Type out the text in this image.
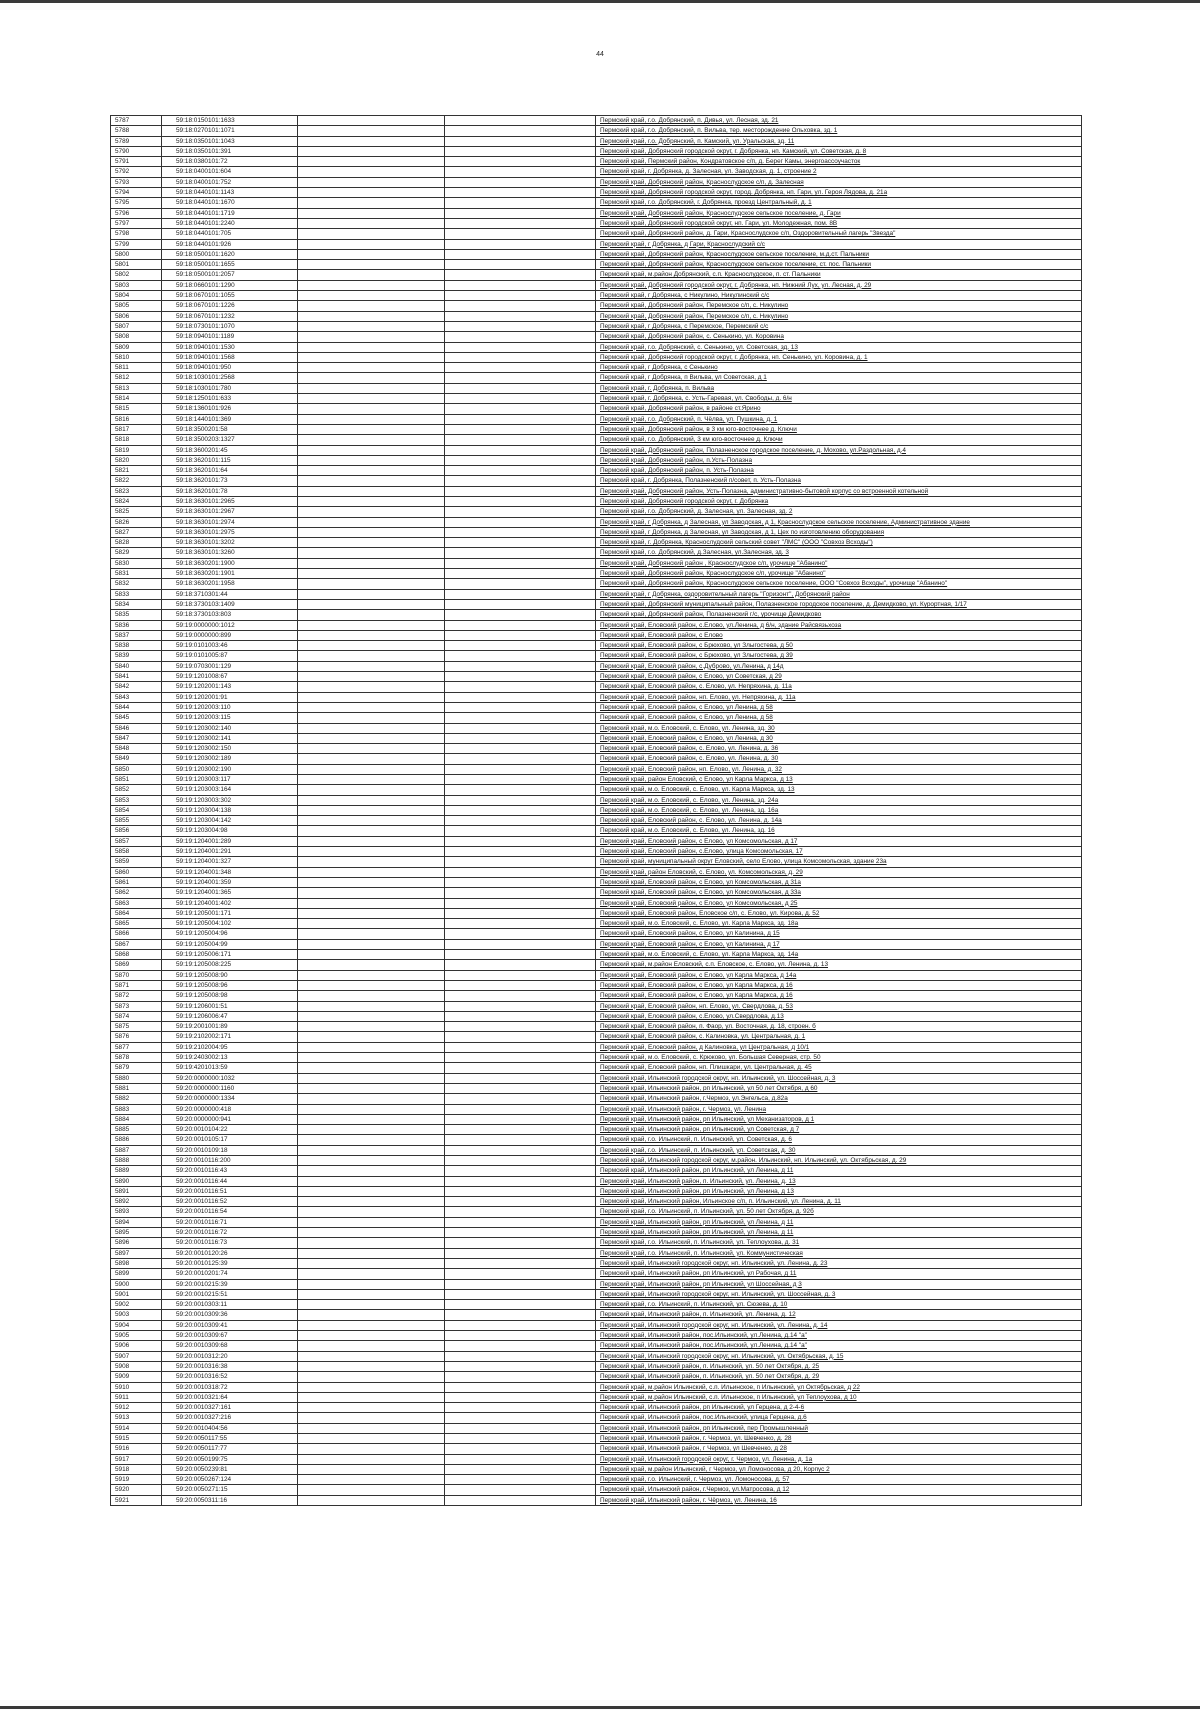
44
5787	59:18:0150101:1633			Пермский край, г.о. Добрянский, п. Дивья, ул. Лесная, зд. 21
5788	59:18:0270101:1071			Пермский край, г.о. Добрянский, п. Вильва, тер. месторождение Ольховка, зд. 1
5789	59:18:0350101:1043			Пермский край, г.о. Добрянский, п. Камский, ул. Уральская, зд. 11
5790	59:18:0350101:391			Пермский край, Добрянский городской округ, г. Добрянка, нп. Камский, ул. Советская, д. 8
5791	59:18:0380101:72			Пермский край, Пермский район, Кондратовское с/п, д. Берег Камы, энергоассоучасток
5792	59:18:0400101:604			Пермский край, г. Добрянка, д. Залесная, ул. Заводская, д. 1, строение 2
5793	59:18:0400101:752			Пермский край, Добрянский район, Краснослудское с/п, д. Залесная
5794	59:18:0440101:1143			Пермский край, Добрянский городской округ, город. Добрянка, нп. Гари, ул. Героя Лядова, д. 21а
5795	59:18:0440101:1670			Пермский край, г.о. Добрянский, г. Добрянка, проезд Центральный, д. 1
5796	59:18:0440101:1719			Пермский край, Добрянский район, Краснослудское сельское поселение, д. Гари
5797	59:18:0440101:2240			Пермский край, Добрянский городской округ, нп. Гари, ул. Молодежная, пом. 8В
5798	59:18:0440101:705			Пермский край, Добрянский район, д. Гари, Краснослудское с/п, Оздоровительный лагерь "Звезда"
5799	59:18:0440101:926			Пермский край, г Добрянка, д Гари, Краснослудский с/с
5800	59:18:0500101:1620			Пермский край, Добрянский район, Краснослудское сельское поселение, м.д.ст. Пальники
5801	59:18:0500101:1655			Пермский край, Добрянский район, Краснослудское сельское поселение, ст. пос. Пальники
5802	59:18:0500101:2057			Пермский край, м.район Добрянский, с.п. Краснослудское, п. ст. Пальники
5803	59:18:0660101:1290			Пермский край, Добрянский городской округ, г. Добрянка, нп. Нижний Лух, ул. Лесная, д. 29
5804	59:18:0670101:1055			Пермский край, г Добрянка, с Никулино, Никулинский с/с
5805	59:18:0670101:1226			Пермский край, Добрянский район, Перемское с/п, с. Никулино
5806	59:18:0670101:1232			Пермский край, Добрянский район, Перемское с/п, с. Никулино
5807	59:18:0730101:1070			Пермский край, г Добрянка, с Перемское, Перемский с/с
5808	59:18:0940101:1189			Пермский край, Добрянский район, с. Сенькино, ул. Коровина
5809	59:18:0940101:1530			Пермский край, г.о. Добрянский, с. Сенькино, ул. Советская, зд. 13
5810	59:18:0940101:1568			Пермский край, Добрянский городской округ, г. Добрянка, нп. Сенькино, ул. Коровина, д. 1
5811	59:18:0940101:950			Пермский край, г Добрянка, с Сенькино
5812	59:18:1030101:2568			Пермский край, г Добрянка, п Вильва, ул Советская, д 1
5813	59:18:1030101:780			Пермский край, г. Добрянка, п. Вильва
5814	59:18:1250101:633			Пермский край, г. Добрянка, с. Усть-Гаревая, ул. Свободы, д. 6/н
5815	59:18:1360101:926			Пермский край, Добрянский район, в районе ст.Ярино
5816	59:18:1440101:369			Пермский край, г.о. Добрянский, п. Чёлва, ул. Пушкина, д. 1
5817	59:18:3500201:58			Пермский край, Добрянский район, в 3 км юго-восточнее д. Ключи
5818	59:18:3500203:1327			Пермский край, г.о. Добрянский, 3 км юго-восточнее д. Ключи
5819	59:18:3600201:45			Пермский край, Добрянский район, Полазненское городское поселение, д. Мохово, ул.Раздольная, д.4
5820	59:18:3620101:115			Пермский край, Добрянский район, п.Усть-Полазна
5821	59:18:3620101:64			Пермский край, Добрянский район, п. Усть-Полазна
5822	59:18:3620101:73			Пермский край, г. Добрянка, Полазненский п/совет, п. Усть-Полазна
5823	59:18:3620101:78			Пермский край, Добрянский район, Усть-Полазна, административно-бытовой корпус со встроенной котельной
5824	59:18:3630101:2965			Пермский край, Добрянский городской округ, г. Добрянка
5825	59:18:3630101:2967			Пермский край, г.о. Добрянский, д. Залесная, ул. Залесная, зд. 2
5826	59:18:3630101:2974			Пермский край, г Добрянка, д Залесная, ул Заводская, д 1, Краснослудское сельское поселение, Административное здание
5827	59:18:3630101:2975			Пермский край, г Добрянка, д Залесная, ул Заводская, д 1, Цех по изготовлению оборудования
5828	59:18:3630101:3202			Пермский край, г. Добрянка, Краснослудский сельский совет "ЛМС" (ООО "Совхоз Всходы")
5829	59:18:3630101:3260			Пермский край, г.о. Добрянский, д.Залесная, ул.Залесная, зд. 3
5830	59:18:3630201:1900			Пермский край, Добрянский район , Краснослудское с/п, урочище "Абанино"
5831	59:18:3630201:1901			Пермский край, Добрянский район, Краснослудское с/п, урочище "Абанино"
5832	59:18:3630201:1958			Пермский край, Добрянский район, Краснослудское сельское поселение, ООО "Совхоз Всходы", урочище "Абанино"
5833	59:18:3710301:44			Пермский край, г Добрянка, оздоровительный лагерь "Горизонт", Добрянский район
5834	59:18:3730103:1409			Пермский край, Добрянский муниципальный район, Полазненское городское поселение, д. Демидково, ул. Курортная, 1/17
5835	59:18:3730103:803			Пермский край, Добрянский район, Полазненский г/с, урочище Демидково
5836	59:19:0000000:1012			Пермский край, Еловский район, с.Елово, ул.Ленина, д 6/н, здание Райсвязьхоза
5837	59:19:0000000:899			Пермский край, Еловский район, с Елово
5838	59:19:0101003:46			Пермский край, Еловский район, с Брюхово, ул Злыгостева, д 50
5839	59:19:0101005:87			Пермский край, Еловский район, с Брюхово, ул Злыгостева, д 39
5840	59:19:0703001:129			Пермский край, Еловский район, с.Дуброво, ул.Ленина, д 14д
5841	59:19:1201008:67			Пермский край, Еловский район, с Елово, ул Советская, д 29
5842	59:19:1202001:143			Пермский край, Еловский район, с. Елово, ул. Непряхина, д. 11а
5843	59:19:1202001:91			Пермский край, Еловский район, нп. Елово, ул. Непряхина, д. 11а
5844	59:19:1202003:110			Пермский край, Еловский район, с Елово, ул Ленина, д 58
5845	59:19:1202003:115			Пермский край, Еловский район, с Елово, ул Ленина, д 58
5846	59:19:1203002:140			Пермский край, м.о. Еловский, с. Елово, ул. Ленина, зд. 30
5847	59:19:1203002:141			Пермский край, Еловский район, с Елово, ул Ленина, д 30
5848	59:19:1203002:150			Пермский край, Еловский район, с. Елово, ул. Ленина, д. 36
5849	59:19:1203002:189			Пермский край, Еловский район, с. Елово, ул. Ленина, д. 30
5850	59:19:1203002:190			Пермский край, Еловский район, нп. Елово, ул. Ленина, д. 32
5851	59:19:1203003:117			Пермский край, район Еловский, с Елово, ул Карла Маркса, д 13
5852	59:19:1203003:164			Пермский край, м.о. Еловский, с. Елово, ул. Карла Маркса, зд. 13
5853	59:19:1203003:302			Пермский край, м.о. Еловский, с. Елово, ул. Ленина, зд. 24а
5854	59:19:1203004:138			Пермский край, м.о. Еловский, с. Елово, ул. Ленина, зд. 16а
5855	59:19:1203004:142			Пермский край, Еловский район, с. Елово, ул. Ленина, д. 14а
5856	59:19:1203004:98			Пермский край, м.о. Еловский, с. Елово, ул. Ленина, зд. 16
5857	59:19:1204001:289			Пермский край, Еловский район, с Елово, ул Комсомольская, д 17
5858	59:19:1204001:291			Пермский край, Еловский район, с.Елово, улица Комсомольская, 17
5859	59:19:1204001:327			Пермский край, муниципальный округ Еловский, село Елово, улица Комсомольская, здание 23а
5860	59:19:1204001:348			Пермский край, район Еловский, с. Елово, ул. Комсомольская, д. 29
5861	59:19:1204001:359			Пермский край, Еловский район, с Елово, ул Комсомольская, д 31а
5862	59:19:1204001:365			Пермский край, Еловский район, с Елово, ул Комсомольская, д 33а
5863	59:19:1204001:402			Пермский край, Еловский район, с Елово, ул Комсомольская, д 25
5864	59:19:1205001:171			Пермский край, Еловский район, Еловское с/п, с. Елово, ул. Кирова, д. 52
5865	59:19:1205004:102			Пермский край, м.о. Еловский, с. Елово, ул. Карла Маркса, зд. 18а
5866	59:19:1205004:96			Пермский край, Еловский район, с Елово, ул Калинина, д 15
5867	59:19:1205004:99			Пермский край, Еловский район, с Елово, ул Калинина, д 17
5868	59:19:1205006:171			Пермский край, м.о. Еловский, с. Елово, ул. Карла Маркса, зд. 14а
5869	59:19:1205008:225			Пермский край, м.район Еловский, с.п. Еловское, с. Елово, ул. Ленина, д. 13
5870	59:19:1205008:90			Пермский край, Еловский район, с Елово, ул Карла Маркса, д 14а
5871	59:19:1205008:96			Пермский край, Еловский район, с Елово, ул Карла Маркса, д 16
5872	59:19:1205008:98			Пермский край, Еловский район, с Елово, ул Карла Маркса, д 16
5873	59:19:1206001:51			Пермский край, Еловский район, нп. Елово, ул. Свердлова, д. 53
5874	59:19:1206006:47			Пермский край, Еловский район, с.Елово, ул.Свердлова, д.13
5875	59:19:2001001:89			Пермский край, Еловский район, п. Фаор, ул. Восточная, д. 18, строен. б
5876	59:19:2102002:171			Пермский край, Еловский район, с. Калиновка, ул. Центральная, д. 1
5877	59:19:2102004:95			Пермский край, Еловский район, д Калиновка, ул Центральная, д 10/1
5878	59:19:2403002:13			Пермский край, м.о. Еловский, с. Крюково, ул. Большая Северная, стр. 50
5879	59:19:4201013:59			Пермский край, Еловский район, нп. Плишкари, ул. Центральная, д. 45
5880	59:20:0000000:1032			Пермский край, Ильинский городской округ, нп. Ильинский, ул. Шоссейная, д. 3
5881	59:20:0000000:1160			Пермский край, Ильинский район, рп Ильинский, ул 50 лет Октября, д 60
5882	59:20:0000000:1334			Пермский край, Ильинский район, г.Чермоз, ул.Энгельса, д.82а
5883	59:20:0000000:418			Пермский край, Ильинский район, г. Чермоз, ул. Ленина
5884	59:20:0000000:941			Пермский край, Ильинский район, рп Ильинский, ул Механизаторов, д 1
5885	59:20:0010104:22			Пермский край, Ильинский район, рп Ильинский, ул Советская, д 7
5886	59:20:0010105:17			Пермский край, г.о. Ильинский, п. Ильинский, ул. Советская, д. 6
5887	59:20:0010109:18			Пермский край, г.о. Ильинский, п. Ильинский, ул. Советская, д. 30
5888	59:20:0010116:200			Пермский край, Ильинский городской округ, м.район. Ильинский, нп. Ильинский, ул. Октябрьская, д. 29
5889	59:20:0010116:43			Пермский край, Ильинский район, рп Ильинский, ул Ленина, д 11
5890	59:20:0010116:44			Пермский край, Ильинский район, п. Ильинский, ул. Ленина, д. 13
5891	59:20:0010116:51			Пермский край, Ильинский район, рп Ильинский, ул Ленина, д 13
5892	59:20:0010116:52			Пермский край, Ильинский район, Ильинское с/п, п. Ильинский, ул. Ленина, д. 11
5893	59:20:0010116:54			Пермский край, г.о. Ильинский, п. Ильинский, ул. 50 лет Октября, д. 92б
5894	59:20:0010116:71			Пермский край, Ильинский район, рп Ильинский, ул Ленина, д 11
5895	59:20:0010116:72			Пермский край, Ильинский район, рп Ильинский, ул Ленина, д 11
5896	59:20:0010116:73			Пермский край, г.о. Ильинский, п. Ильинский, ул. Теплоухова, д. 31
5897	59:20:0010120:26			Пермский край, г.о. Ильинский, п. Ильинский, ул. Коммунистическая
5898	59:20:0010125:39			Пермский край, Ильинский городской округ, нп. Ильинский, ул. Ленина, д. 23
5899	59:20:0010201:74			Пермский край, Ильинский район, рп Ильинский, ул Рабочая, д 11
5900	59:20:0010215:39			Пермский край, Ильинский район, рп Ильинский, ул Шоссейная, д 3
5901	59:20:0010215:51			Пермский край, Ильинский городской округ, нп. Ильинский, ул. Шоссейная, д. 3
5902	59:20:0010303:11			Пермский край, г.о. Ильинский, п. Ильинский, ул. Сюзева, д. 10
5903	59:20:0010309:36			Пермский край, Ильинский район, п. Ильинский, ул. Ленина, д. 12
5904	59:20:0010309:41			Пермский край, Ильинский городской округ, нп. Ильинский, ул. Ленина, д. 14
5905	59:20:0010309:67			Пермский край, Ильинский район, пос.Ильинский, ул.Ленина, д.14 "а"
5906	59:20:0010309:68			Пермский край, Ильинский район, пос.Ильинский, ул.Ленина, д.14 "а"
5907	59:20:0010312:20			Пермский край, Ильинский городской округ, нп. Ильинский, ул. Октябрьская, д. 15
5908	59:20:0010316:38			Пермский край, Ильинский район, п. Ильинский, ул. 50 лет Октября, д. 25
5909	59:20:0010316:52			Пермский край, Ильинский район, п. Ильинский, ул. 50 лет Октября, д. 29
5910	59:20:0010318:72			Пермский край, м.район Ильинский, с.п. Ильинское, п Ильинский, ул Октябрьская, д 22
5911	59:20:0010321:64			Пермский край, м.район Ильинский, с.п. Ильинское, п Ильинский, ул Теплоухова, д 10
5912	59:20:0010327:161			Пермский край, Ильинский район, рп Ильинский, ул Герцена, д 2-4-6
5913	59:20:0010327:216			Пермский край, Ильинский район, пос.Ильинский, улица Герцена, д.6
5914	59:20:0010404:56			Пермский край, Ильинский район, рп Ильинский, пер Промышленный
5915	59:20:0050117:55			Пермский край, Ильинский район, г. Чермоз, ул. Шевченко, д. 28
5916	59:20:0050117:77			Пермский край, Ильинский район, г Чермоз, ул Шевченко, д 28
5917	59:20:0050199:75			Пермский край, Ильинский городской округ, г. Чермоз, ул. Ленина, д. 1а
5918	59:20:0050239:81			Пермский край, м.район Ильинский, г Чермоз, ул Ломоносова, д 20, Корпус 2
5919	59:20:0050267:124			Пермский край, г.о. Ильинский, г. Чермоз, ул. Ломоносова, д. 57
5920	59:20:0050271:15			Пермский край, Ильинский район, г.Чермоз, ул.Матросова, д 12
5921	59:20:0050311:16			Пермский край, Ильинский район, г. Чёрмоз, ул. Ленина, 16
